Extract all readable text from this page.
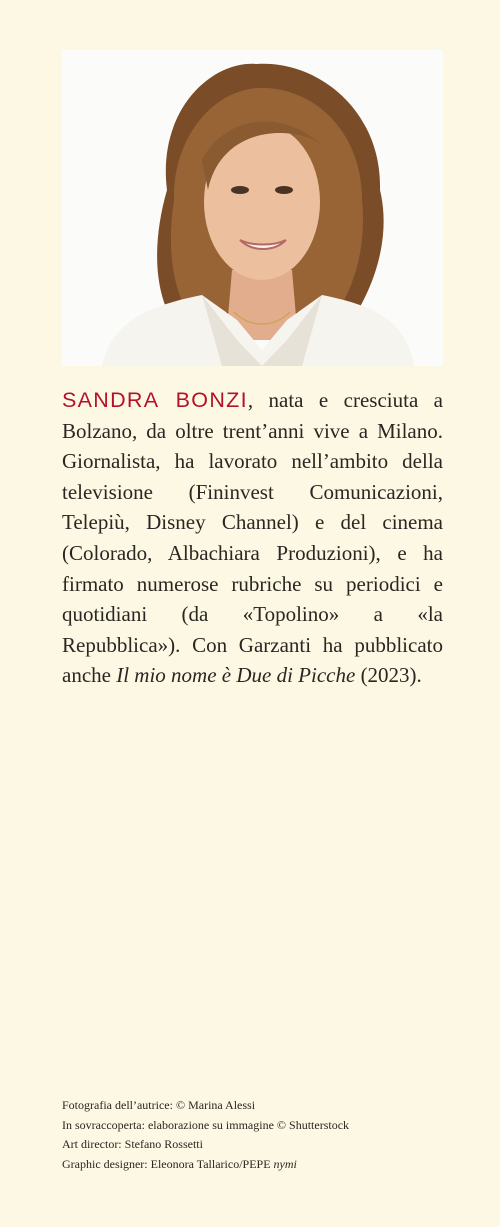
SANDRA BONZI, nata e cresciuta a Bolzano, da oltre trent’anni vive a Milano. Giornalista, ha lavorato nell’ambito della televisione (Fininvest Comunicazioni, Telepiù, Disney Channel) e del cinema (Colorado, Albachiara Produzioni), e ha firmato numerose rubriche su periodici e quotidiani (da «Topolino» a «la Repubblica»). Con Garzanti ha pubblicato anche Il mio nome è Due di Picche (2023).

Fotografia dell’autrice: © Marina Alessi
In sovraccoperta: elaborazione su immagine © Shutterstock
Art director: Stefano Rossetti
Graphic designer: Eleonora Tallarico/PEPE nymi
